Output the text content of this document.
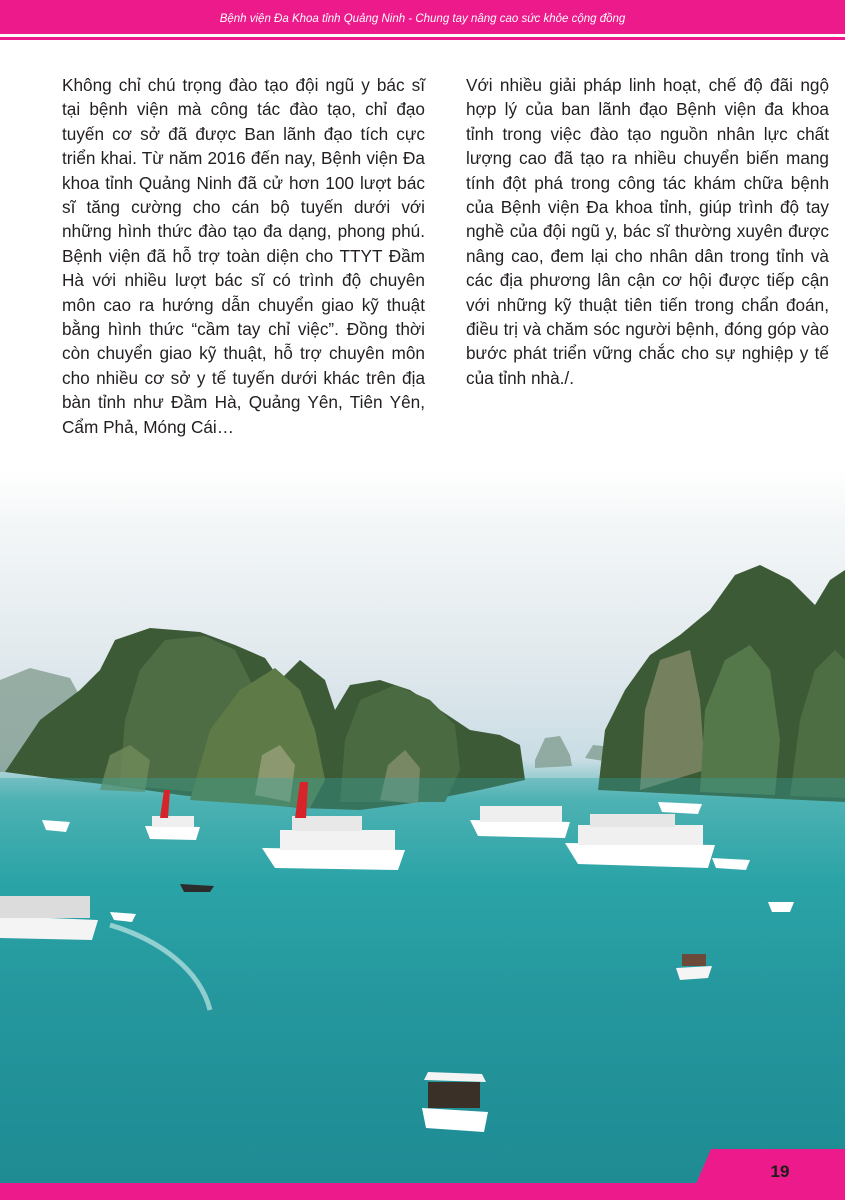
Bệnh viện Đa Khoa tỉnh Quảng Ninh - Chung tay nâng cao sức khỏe cộng đồng
Không chỉ chú trọng đào tạo đội ngũ y bác sĩ tại bệnh viện mà công tác đào tạo, chỉ đạo tuyến cơ sở đã được Ban lãnh đạo tích cực triển khai. Từ năm 2016 đến nay, Bệnh viện Đa khoa tỉnh Quảng Ninh đã cử hơn 100 lượt bác sĩ tăng cường cho cán bộ tuyến dưới với những hình thức đào tạo đa dạng, phong phú. Bệnh viện đã hỗ trợ toàn diện cho TTYT Đầm Hà với nhiều lượt bác sĩ có trình độ chuyên môn cao ra hướng dẫn chuyển giao kỹ thuật bằng hình thức “cầm tay chỉ việc”. Đồng thời còn chuyển giao kỹ thuật, hỗ trợ chuyên môn cho nhiều cơ sở y tế tuyến dưới khác trên địa bàn tỉnh như Đầm Hà, Quảng Yên, Tiên Yên, Cẩm Phả, Móng Cái…
Với nhiều giải pháp linh hoạt, chế độ đãi ngộ hợp lý của ban lãnh đạo Bệnh viện đa khoa tỉnh trong việc đào tạo nguồn nhân lực chất lượng cao đã tạo ra nhiều chuyển biến mang tính đột phá trong công tác khám chữa bệnh của Bệnh viện Đa khoa tỉnh, giúp trình độ tay nghề của đội ngũ y, bác sĩ thường xuyên được nâng cao, đem lại cho nhân dân trong tỉnh và các địa phương lân cận cơ hội được tiếp cận với những kỹ thuật tiên tiến trong chẩn đoán, điều trị và chăm sóc người bệnh, đóng góp vào bước phát triển vững chắc cho sự nghiệp y tế của tỉnh nhà./.
19
